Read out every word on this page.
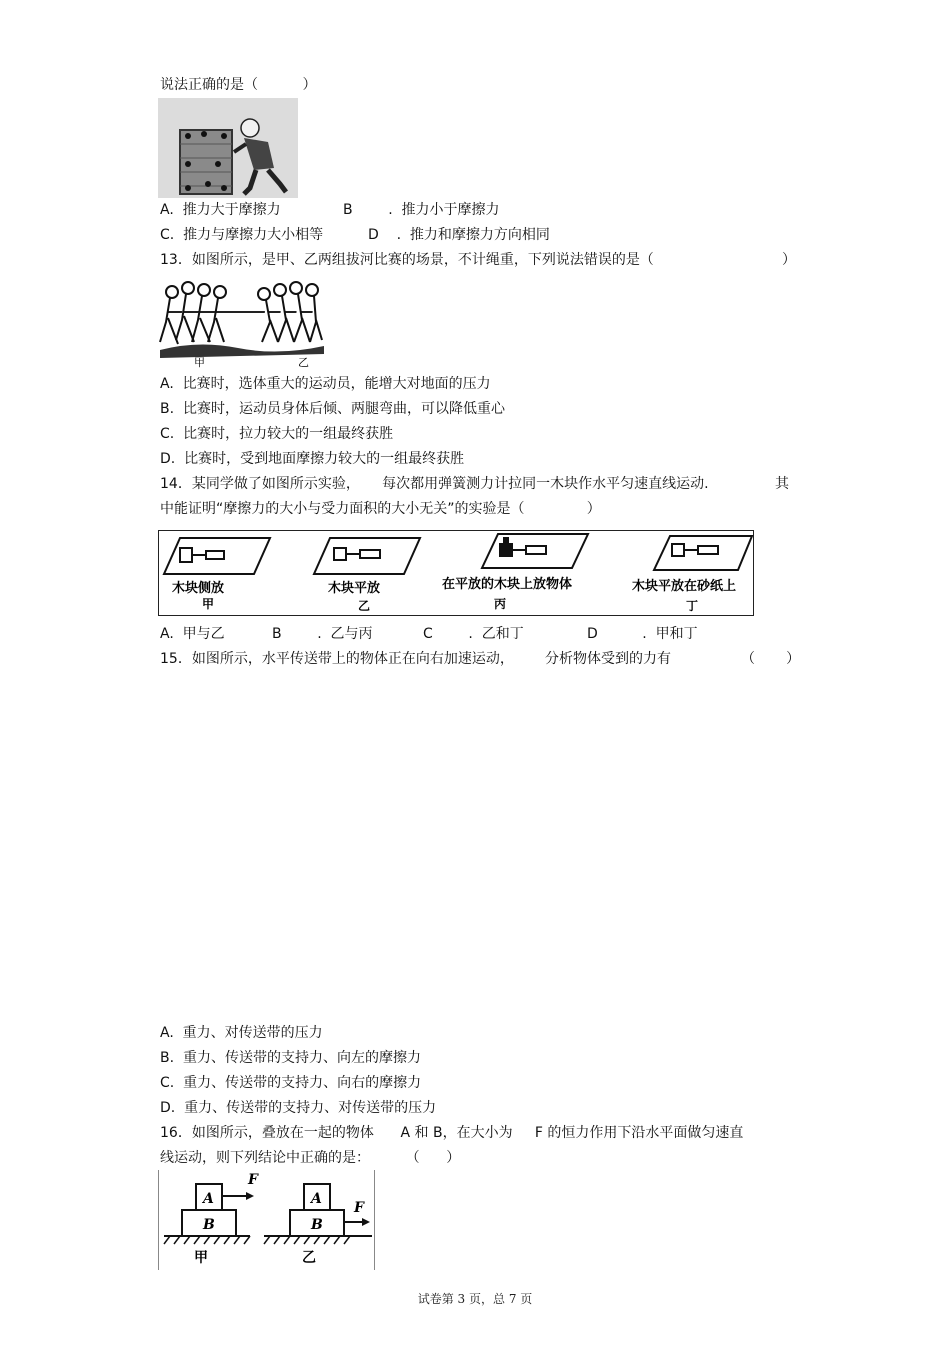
说法正确的是（          ）
A.  推力大于摩擦力	B        .  推力小于摩擦力
C.  推力与摩擦力大小相等	D    .  推力和摩擦力方向相同
13．如图所示，是甲、乙两组拔河比赛的场景，不计绳重，下列说法错误的是（	）
甲	乙
A.  比赛时，选体重大的运动员，能增大对地面的压力
B.  比赛时，运动员身体后倾、两腿弯曲，可以降低重心
C.  比赛时，拉力较大的一组最终获胜
D.  比赛时，受到地面摩擦力较大的一组最终获胜
14．某同学做了如图所示实验，     每次都用弹簧测力计拉同一木块作水平匀速直线运动.	其
中能证明“摩擦力的大小与受力面积的大小无关”的实验是（              ）
木块侧放
甲
木块平放
乙
在平放的木块上放物体
丙
木块平放在砂纸上
丁
A.  甲与乙	B        .  乙与丙	C        .  乙和丁	D          .  甲和丁
15．如图所示，水平传送带上的物体正在向右加速运动，       分析物体受到的力有	（       ）
A.  重力、对传送带的压力
B.  重力、传送带的支持力、向左的摩擦力
C.  重力、传送带的支持力、向右的摩擦力
D.  重力、传送带的支持力、对传送带的压力
16．如图所示，叠放在一起的物体      A 和 B，在大小为     F 的恒力作用下沿水平面做匀速直
线运动，则下列结论中正确的是：        （      ）
A
B
F
甲
A
B
F
乙
试卷第 3 页，总 7 页
